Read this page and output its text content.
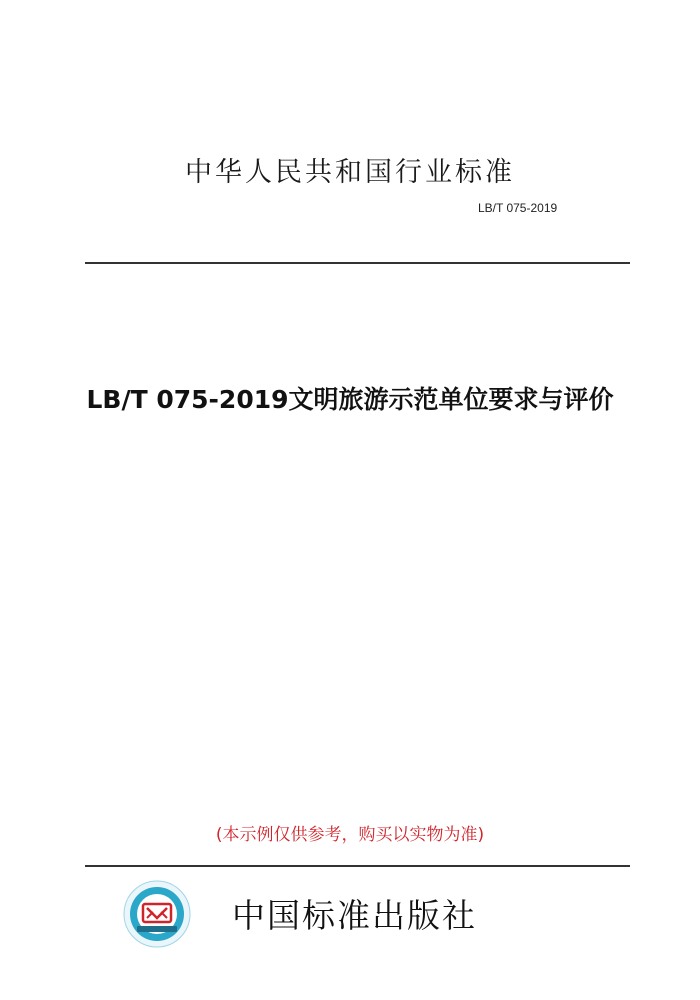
中华人民共和国行业标准
LB/T 075-2019
LB/T 075-2019文明旅游示范单位要求与评价
(本示例仅供参考，购买以实物为准)
中国标准出版社
